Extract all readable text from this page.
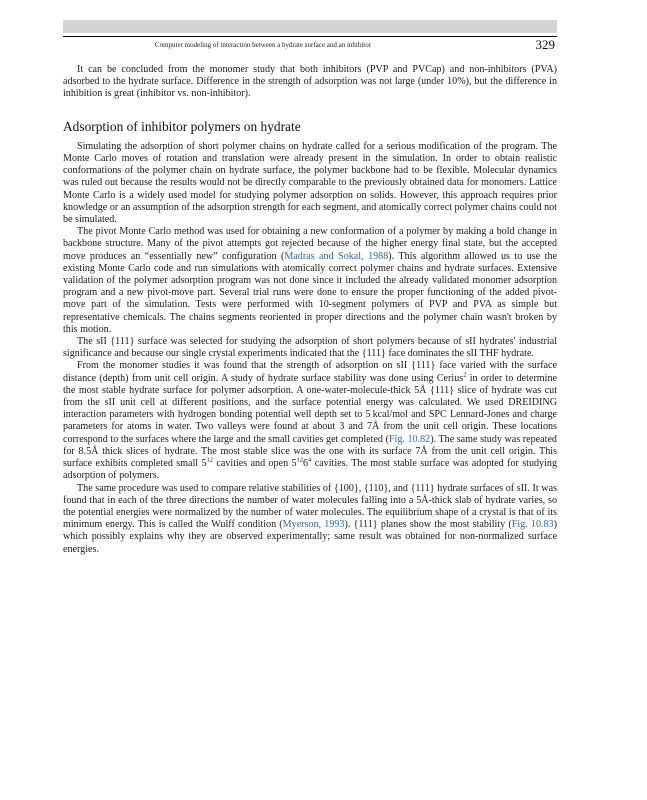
Computer modeling of interaction between a hydrate surface and an inhibitor	329

It can be concluded from the monomer study that both inhibitors (PVP and PVCap) and non-inhibitors (PVA) adsorbed to the hydrate surface. Difference in the strength of adsorption was not large (under 10%), but the difference in inhibition is great (inhibitor vs. non-inhibitor).

Adsorption of inhibitor polymers on hydrate

Simulating the adsorption of short polymer chains on hydrate called for a serious modification of the program. The Monte Carlo moves of rotation and translation were already present in the simulation. In order to obtain realistic conformations of the polymer chain on hydrate surface, the polymer backbone had to be flexible. Molecular dynamics was ruled out because the results would not be directly comparable to the previously obtained data for monomers. Lattice Monte Carlo is a widely used model for studying polymer adsorption on solids. However, this approach requires prior knowledge or an assumption of the adsorption strength for each segment, and atomically correct polymer chains could not be simulated.

The pivot Monte Carlo method was used for obtaining a new conformation of a polymer by making a bold change in backbone structure. Many of the pivot attempts got rejected because of the higher energy final state, but the accepted move produces an “essentially new” configuration (Madras and Sokal, 1988). This algorithm allowed us to use the existing Monte Carlo code and run simulations with atomically correct polymer chains and hydrate surfaces. Extensive validation of the polymer adsorption program was not done since it included the already validated monomer adsorption program and a new pivot-move part. Several trial runs were done to ensure the proper functioning of the added pivot-move part of the simulation. Tests were performed with 10-segment polymers of PVP and PVA as simple but representative chemicals. The chains segments reoriented in proper directions and the polymer chain wasn't broken by this motion.

The sII {111} surface was selected for studying the adsorption of short polymers because of sII hydrates' industrial significance and because our single crystal experiments indicated that the {111} face dominates the sII THF hydrate.

From the monomer studies it was found that the strength of adsorption on sII {111} face varied with the surface distance (depth) from unit cell origin. A study of hydrate surface stability was done using Cerius$^2$ in order to determine the most stable hydrate surface for polymer adsorption. A one-water-molecule-thick 5Å {111} slice of hydrate was cut from the sII unit cell at different positions, and the surface potential energy was calculated. We used DREIDING interaction parameters with hydrogen bonding potential well depth set to 5 kcal/mol and SPC Lennard-Jones and charge parameters for atoms in water. Two valleys were found at about 3 and 7Å from the unit cell origin. These locations correspond to the surfaces where the large and the small cavities get completed (Fig. 10.82). The same study was repeated for 8.5Å thick slices of hydrate. The most stable slice was the one with its surface 7Å from the unit cell origin. This surface exhibits completed small $5^{12}$ cavities and open $5^{12}6^4$ cavities. The most stable surface was adopted for studying adsorption of polymers.

The same procedure was used to compare relative stabilities of {100}, {110}, and {111} hydrate surfaces of sII. It was found that in each of the three directions the number of water molecules falling into a 5Å-thick slab of hydrate varies, so the potential energies were normalized by the number of water molecules. The equilibrium shape of a crystal is that of its minimum energy. This is called the Wulff condition (Myerson, 1993). {111} planes show the most stability (Fig. 10.83) which possibly explains why they are observed experimentally; same result was obtained for non-normalized surface energies.
